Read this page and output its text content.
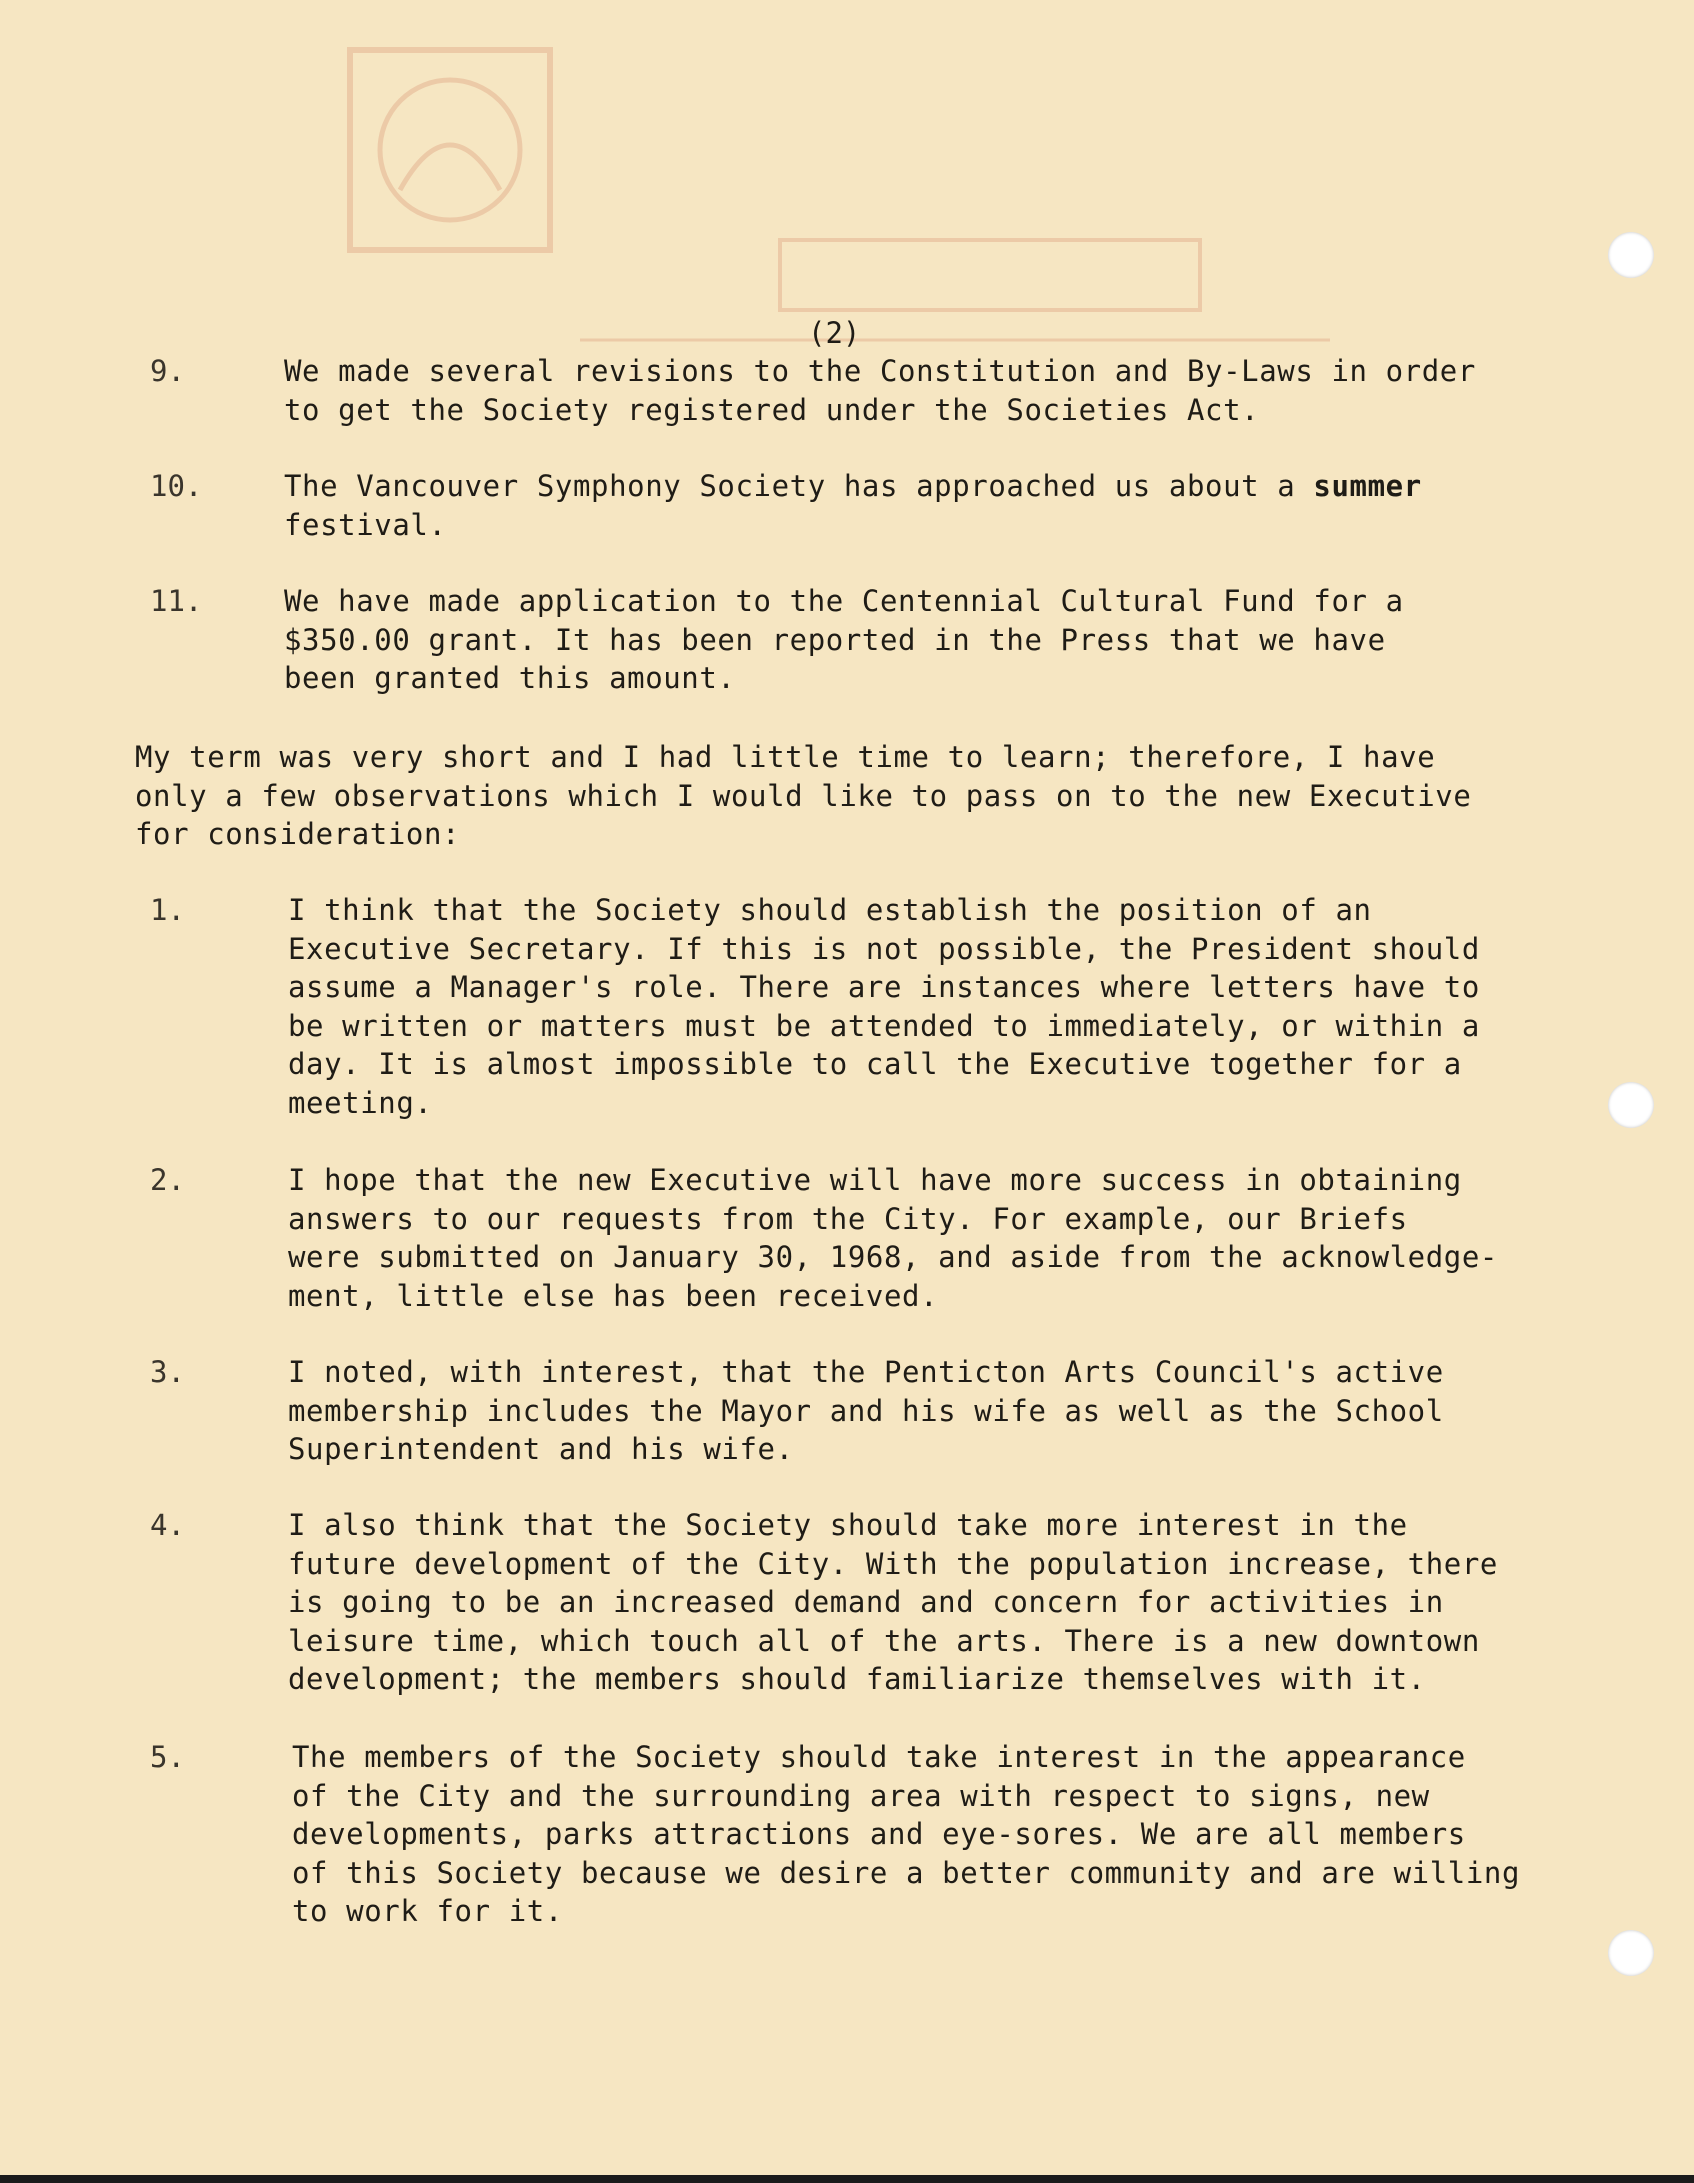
(2)
9.	We made several revisions to the Constitution and By-Laws in order
to get the Society registered under the Societies Act.
10.	The Vancouver Symphony Society has approached us about a summer
festival.
11.	We have made application to the Centennial Cultural Fund for a
$350.00 grant. It has been reported in the Press that we have
been granted this amount.
My term was very short and I had little time to learn; therefore, I have
only a few observations which I would like to pass on to the new Executive
for consideration:
1.	I think that the Society should establish the position of an
Executive Secretary. If this is not possible, the President should
assume a Manager's role. There are instances where letters have to
be written or matters must be attended to immediately, or within a
day. It is almost impossible to call the Executive together for a
meeting.
2.	I hope that the new Executive will have more success in obtaining
answers to our requests from the City. For example, our Briefs
were submitted on January 30, 1968, and aside from the acknowledge-
ment, little else has been received.
3.	I noted, with interest, that the Penticton Arts Council's active
membership includes the Mayor and his wife as well as the School
Superintendent and his wife.
4.	I also think that the Society should take more interest in the
future development of the City. With the population increase, there
is going to be an increased demand and concern for activities in
leisure time, which touch all of the arts. There is a new downtown
development; the members should familiarize themselves with it.
5.	The members of the Society should take interest in the appearance
of the City and the surrounding area with respect to signs, new
developments, parks attractions and eye-sores. We are all members
of this Society because we desire a better community and are willing
to work for it.
